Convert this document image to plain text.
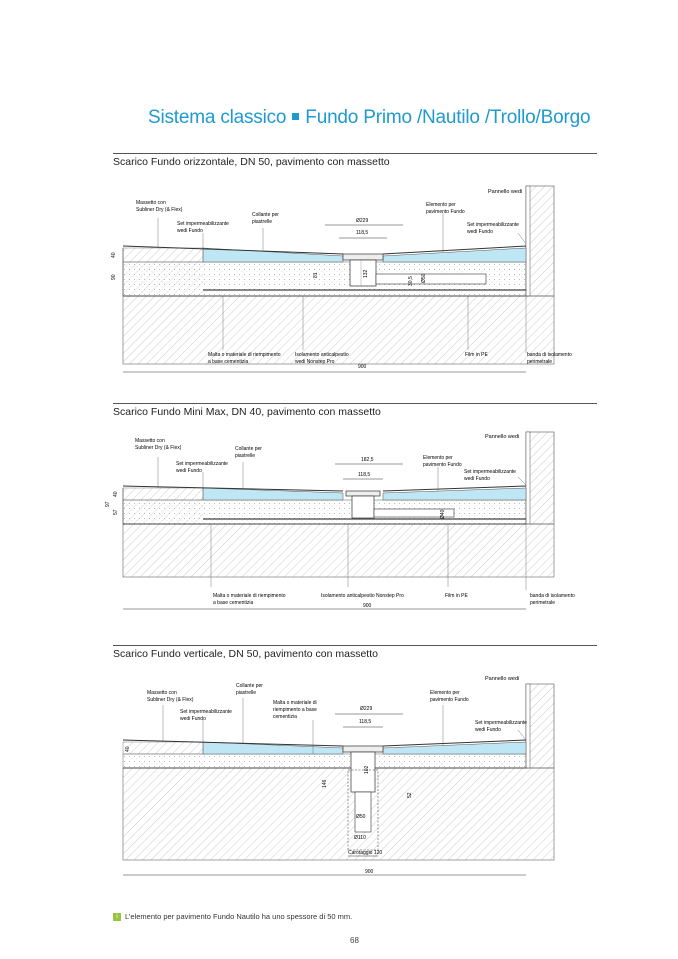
Sistema classico Fundo Primo /Nautilo /Trollo/Borgo
Scarico Fundo orizzontale, DN 50, pavimento con massetto
Pannello wedi
Massetto con
Subliner Dry (& Flex)
Set impermeabilizzante
wedi Fundo
Collante per
piastrelle
Elemento per
pavimento Fundo
Set impermeabilizzante
wedi Fundo
Malta o materiale di riempimento
a base cementizia
Isolamento anticalpestio
wedi Nonstep Pro
Film in PE	banda di isolamento
perimetrale
Ø229
118,5
40
90	81	132	Ø50
30,5
900
Scarico Fundo Mini Max, DN 40, pavimento con massetto
Pannello wedi
Massetto con
Subliner Dry (& Flex)
Set impermeabilizzante
wedi Fundo
Collante per
piastrelle	Elemento per
pavimento Fundo
Set impermeabilizzante
wedi Fundo
Malta o materiale di riempimento
a base cementizia
Isolamento anticalpestio Nonstep Pro	Film in PE	banda di isolamento
perimetrale
182,5
118,5
97
40
57	Ø40
900
Scarico Fundo verticale, DN 50, pavimento con massetto
Pannello wedi
Massetto con
Subliner Dry (& Flex)
Collante per
piastrelle
Set impermeabilizzante
wedi Fundo
Malta o materiale di
riempimento a base
cementizia
Elemento per
pavimento Fundo
Set impermeabilizzante
wedi Fundo
Ø229
118,5
40
146
102
52
Ø50
Ø110
Carotaggio 120
900
i L’elemento per pavimento Fundo Nautilo ha uno spessore di 50 mm.
68
